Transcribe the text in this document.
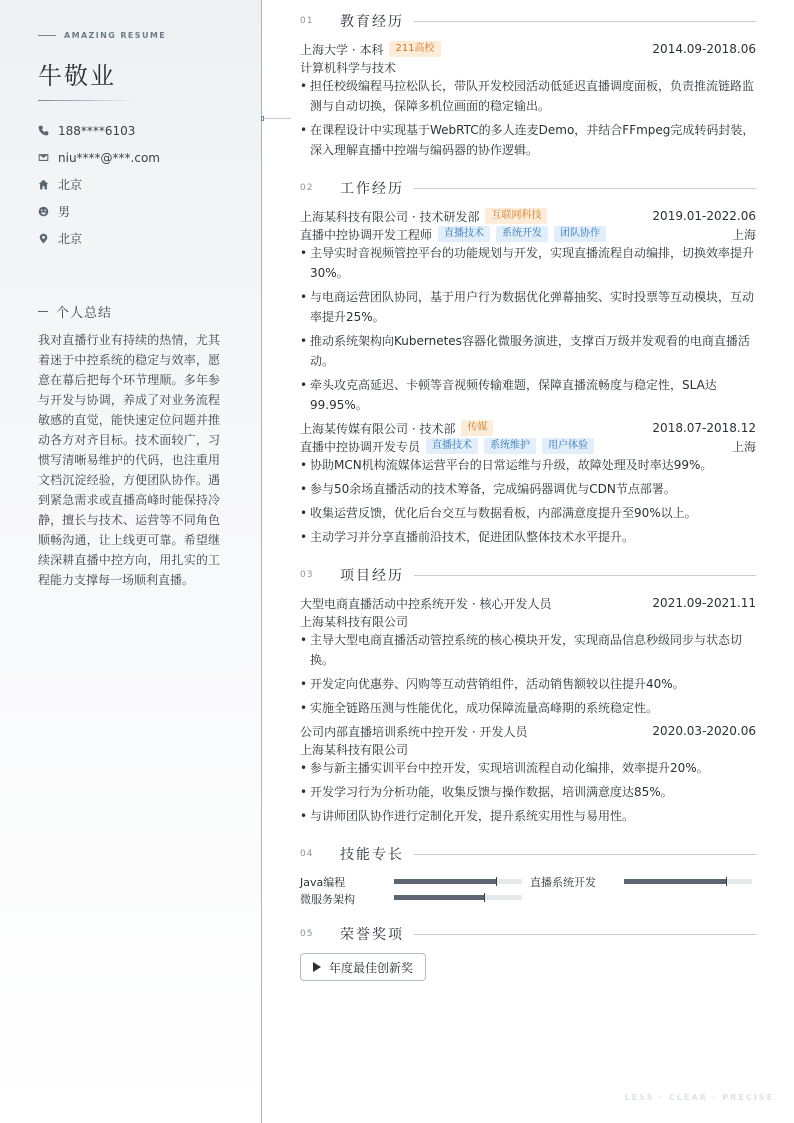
AMAZING RESUME
牛敬业
188****6103
niu****@***.com
北京
男
北京
个人总结
我对直播行业有持续的热情，尤其着迷于中控系统的稳定与效率，愿意在幕后把每个环节理顺。多年参与开发与协调，养成了对业务流程敏感的直觉，能快速定位问题并推动各方对齐目标。技术面较广，习惯写清晰易维护的代码，也注重用文档沉淀经验，方便团队协作。遇到紧急需求或直播高峰时能保持冷静，擅长与技术、运营等不同角色顺畅沟通，让上线更可靠。希望继续深耕直播中控方向，用扎实的工程能力支撑每一场顺利直播。
01	教育经历
上海大学 · 本科	211高校	2014.09-2018.06
计算机科学与技术
• 担任校级编程马拉松队长，带队开发校园活动低延迟直播调度面板，负责推流链路监测与自动切换，保障多机位画面的稳定输出。
• 在课程设计中实现基于WebRTC的多人连麦Demo，并结合FFmpeg完成转码封装，深入理解直播中控端与编码器的协作逻辑。
02	工作经历
上海某科技有限公司 · 技术研发部	互联网科技	2019.01-2022.06
直播中控协调开发工程师	直播技术	系统开发	团队协作	上海
• 主导实时音视频管控平台的功能规划与开发，实现直播流程自动编排，切换效率提升30%。
• 与电商运营团队协同，基于用户行为数据优化弹幕抽奖、实时投票等互动模块，互动率提升25%。
• 推动系统架构向Kubernetes容器化微服务演进，支撑百万级并发观看的电商直播活动。
• 牵头攻克高延迟、卡顿等音视频传输难题，保障直播流畅度与稳定性，SLA达99.95%。
上海某传媒有限公司 · 技术部	传媒	2018.07-2018.12
直播中控协调开发专员	直播技术	系统维护	用户体验	上海
• 协助MCN机构流媒体运营平台的日常运维与升级，故障处理及时率达99%。
• 参与50余场直播活动的技术筹备，完成编码器调优与CDN节点部署。
• 收集运营反馈，优化后台交互与数据看板，内部满意度提升至90%以上。
• 主动学习并分享直播前沿技术，促进团队整体技术水平提升。
03	项目经历
大型电商直播活动中控系统开发 · 核心开发人员	2021.09-2021.11
上海某科技有限公司
• 主导大型电商直播活动管控系统的核心模块开发，实现商品信息秒级同步与状态切换。
• 开发定向优惠券、闪购等互动营销组件，活动销售额较以往提升40%。
• 实施全链路压测与性能优化，成功保障流量高峰期的系统稳定性。
公司内部直播培训系统中控开发 · 开发人员	2020.03-2020.06
上海某科技有限公司
• 参与新主播实训平台中控开发，实现培训流程自动化编排，效率提升20%。
• 开发学习行为分析功能，收集反馈与操作数据，培训满意度达85%。
• 与讲师团队协作进行定制化开发，提升系统实用性与易用性。
04	技能专长
Java编程	直播系统开发
微服务架构
05	荣誉奖项
年度最佳创新奖
LESS · CLEAR · PRECISE
